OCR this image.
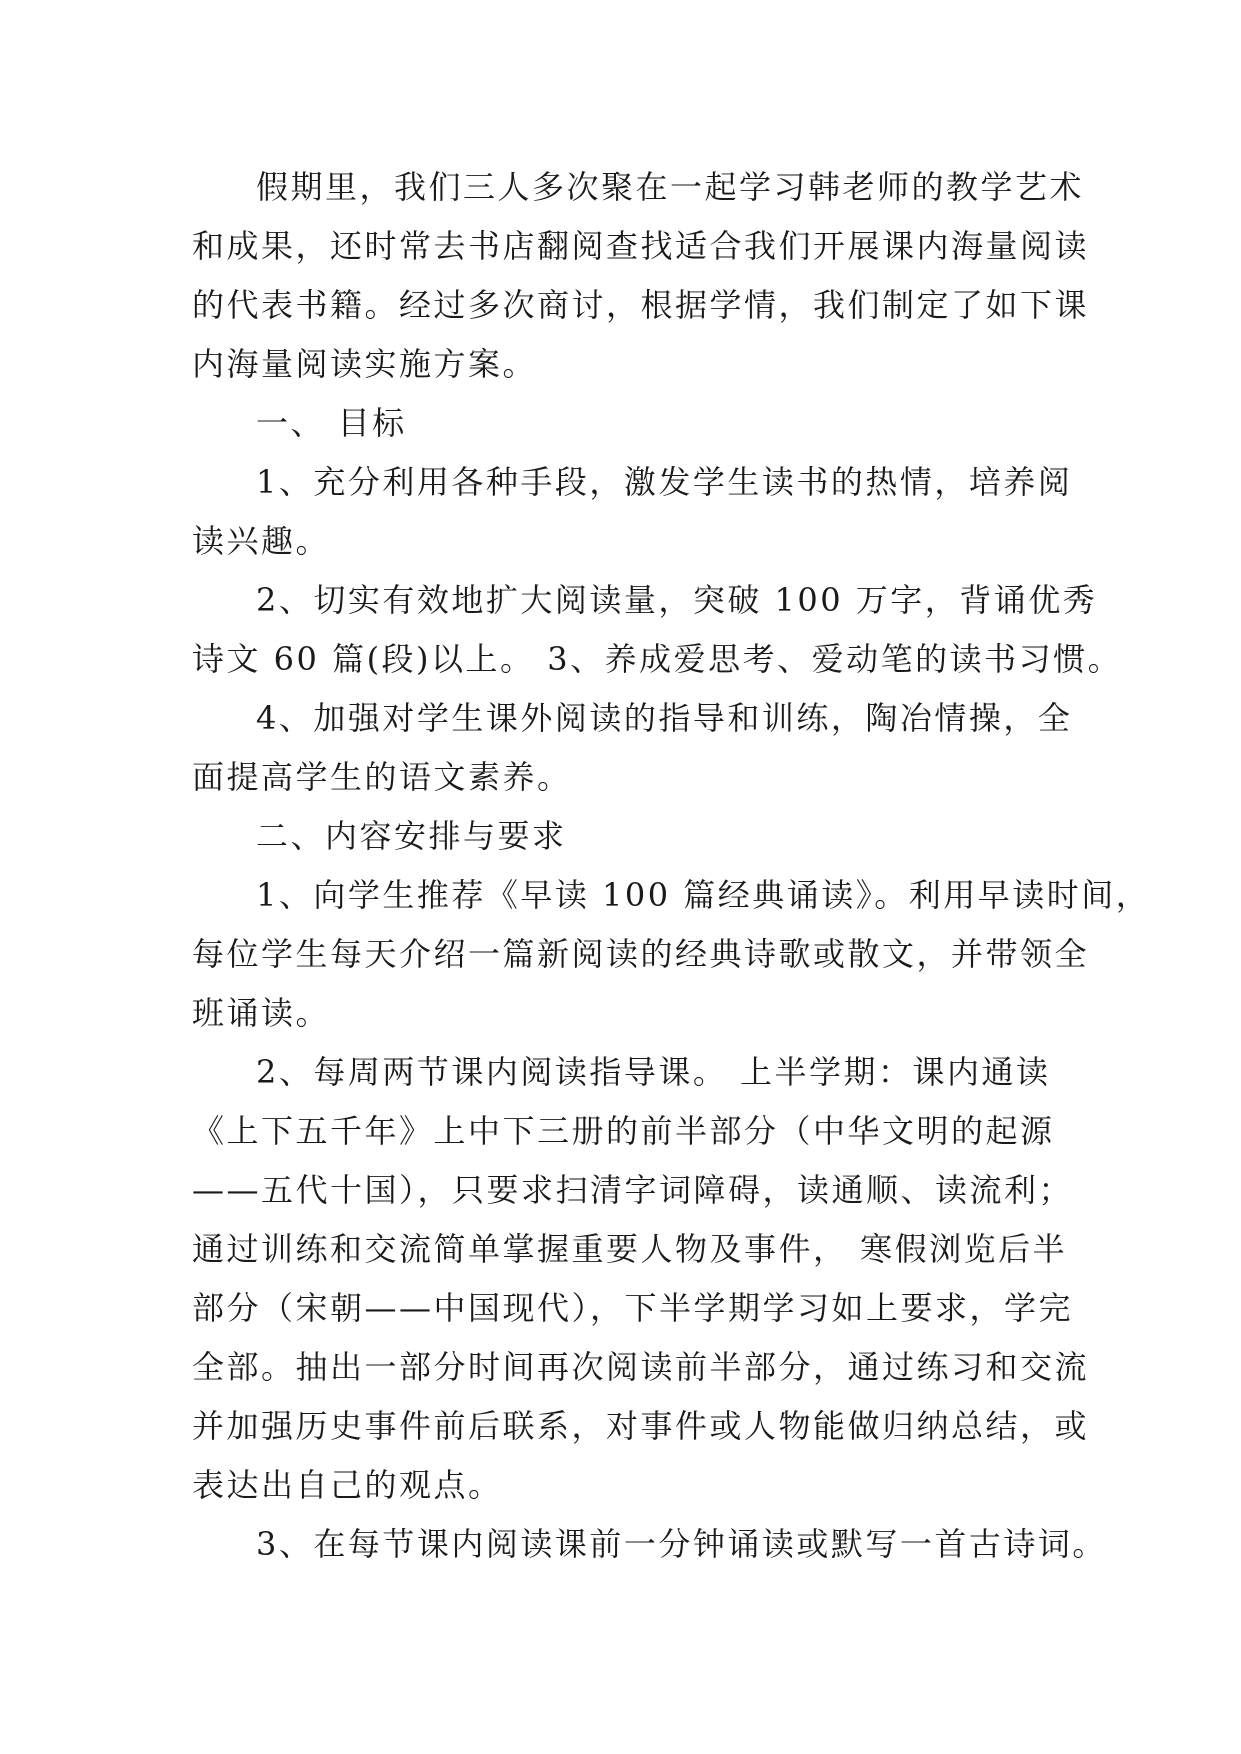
假期里，我们三人多次聚在一起学习韩老师的教学艺术
和成果，还时常去书店翻阅查找适合我们开展课内海量阅读
的代表书籍。经过多次商讨，根据学情，我们制定了如下课
内海量阅读实施方案。
一、 目标
1、充分利用各种手段，激发学生读书的热情，培养阅
读兴趣。
2、切实有效地扩大阅读量，突破 100 万字，背诵优秀
诗文 60 篇(段)以上。 3、养成爱思考、爱动笔的读书习惯。
4、加强对学生课外阅读的指导和训练，陶冶情操，全
面提高学生的语文素养。
二、内容安排与要求
1、向学生推荐《早读 100 篇经典诵读》。利用早读时间，
每位学生每天介绍一篇新阅读的经典诗歌或散文，并带领全
班诵读。
2、每周两节课内阅读指导课。 上半学期：课内通读
《上下五千年》上中下三册的前半部分（中华文明的起源
——五代十国），只要求扫清字词障碍，读通顺、读流利；
通过训练和交流简单掌握重要人物及事件， 寒假浏览后半
部分（宋朝——中国现代），下半学期学习如上要求，学完
全部。抽出一部分时间再次阅读前半部分，通过练习和交流
并加强历史事件前后联系，对事件或人物能做归纳总结，或
表达出自己的观点。
3、在每节课内阅读课前一分钟诵读或默写一首古诗词。
